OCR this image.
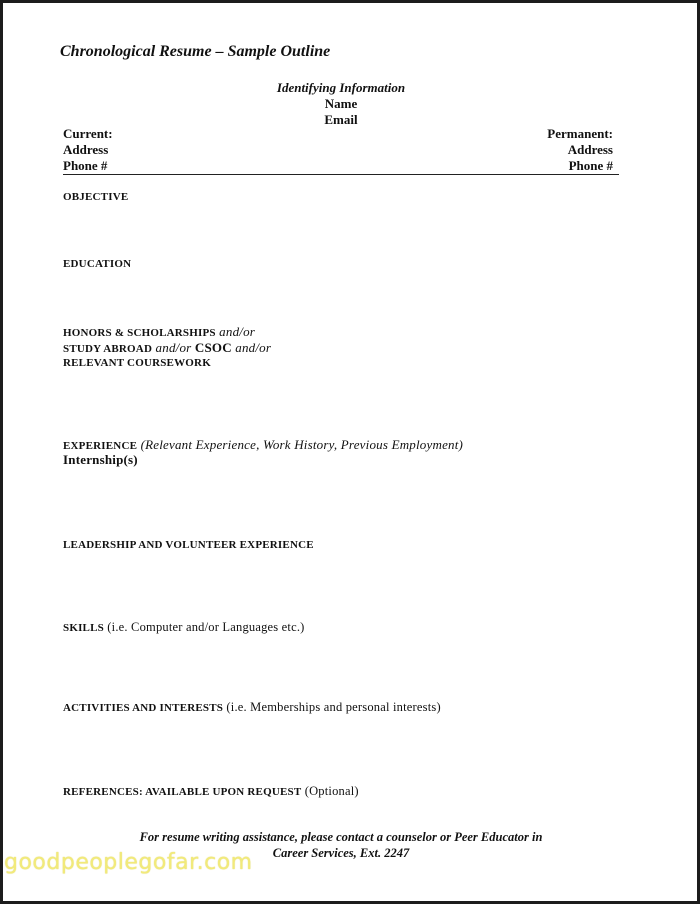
Chronological Resume – Sample Outline
Identifying Information
Name
Email
Current:
Address
Phone #
Permanent:
Address
Phone #
OBJECTIVE
EDUCATION
HONORS & SCHOLARSHIPS and/or
STUDY ABROAD and/or CSOC and/or
RELEVANT COURSEWORK
EXPERIENCE (Relevant Experience, Work History, Previous Employment)
Internship(s)
LEADERSHIP AND VOLUNTEER EXPERIENCE
SKILLS (i.e. Computer and/or Languages etc.)
ACTIVITIES AND INTERESTS (i.e. Memberships and personal interests)
REFERENCES: AVAILABLE UPON REQUEST (Optional)
For resume writing assistance, please contact a counselor or Peer Educator in
Career Services, Ext. 2247
goodpeoplegofar.com
